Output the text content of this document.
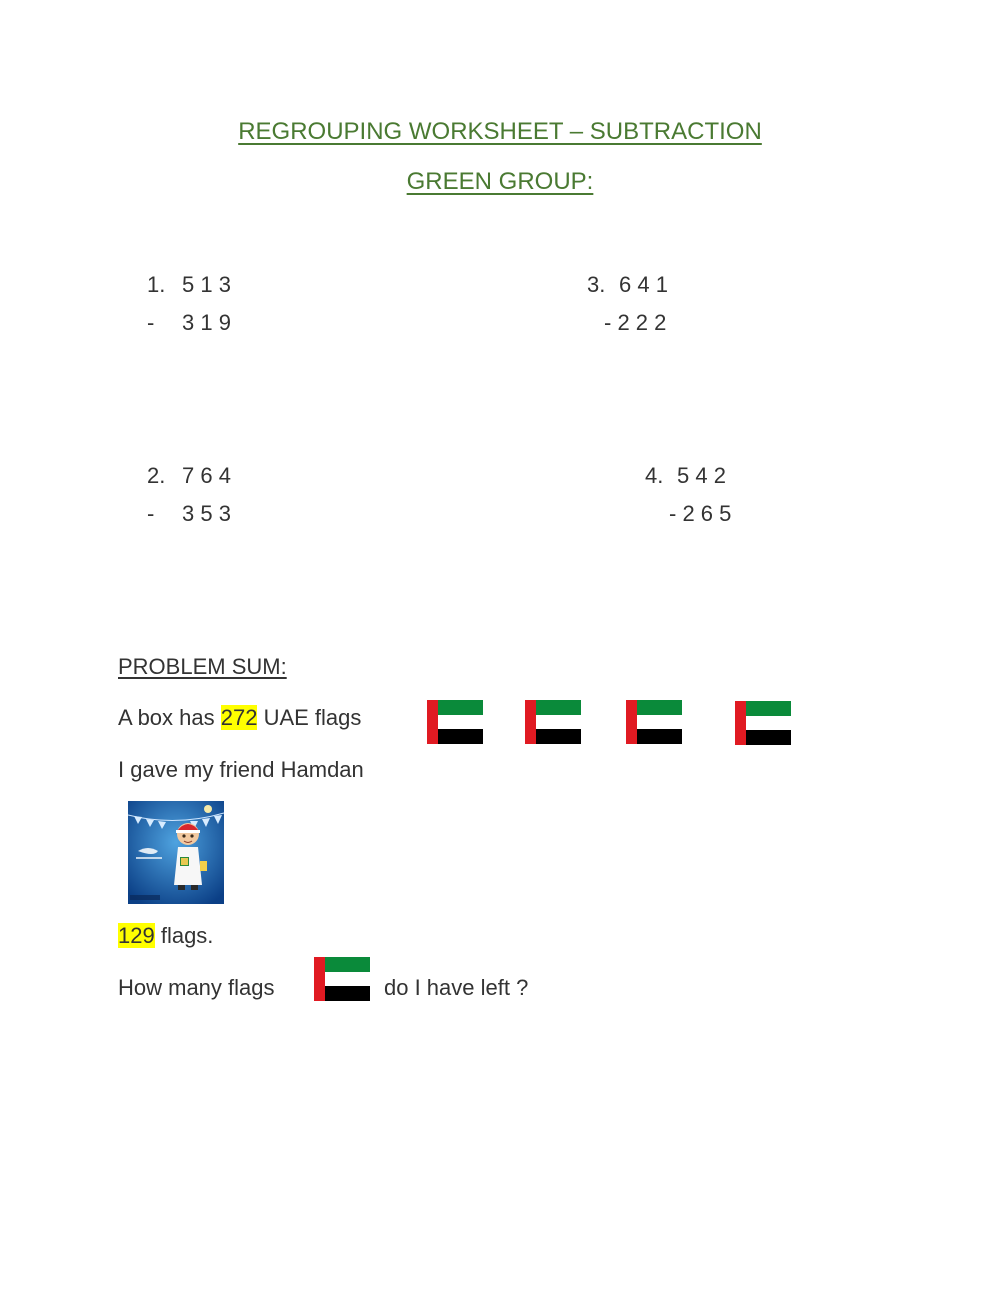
REGROUPING WORKSHEET – SUBTRACTION
GREEN GROUP:
1. 5 1 3
- 3 1 9
3. 6 4 1
- 2 2 2
2. 7 6 4
- 3 5 3
4. 5 4 2
- 2 6 5
PROBLEM SUM:
A box has 272 UAE flags
I gave my friend Hamdan
129 flags.
How many flags	do I have left ?
